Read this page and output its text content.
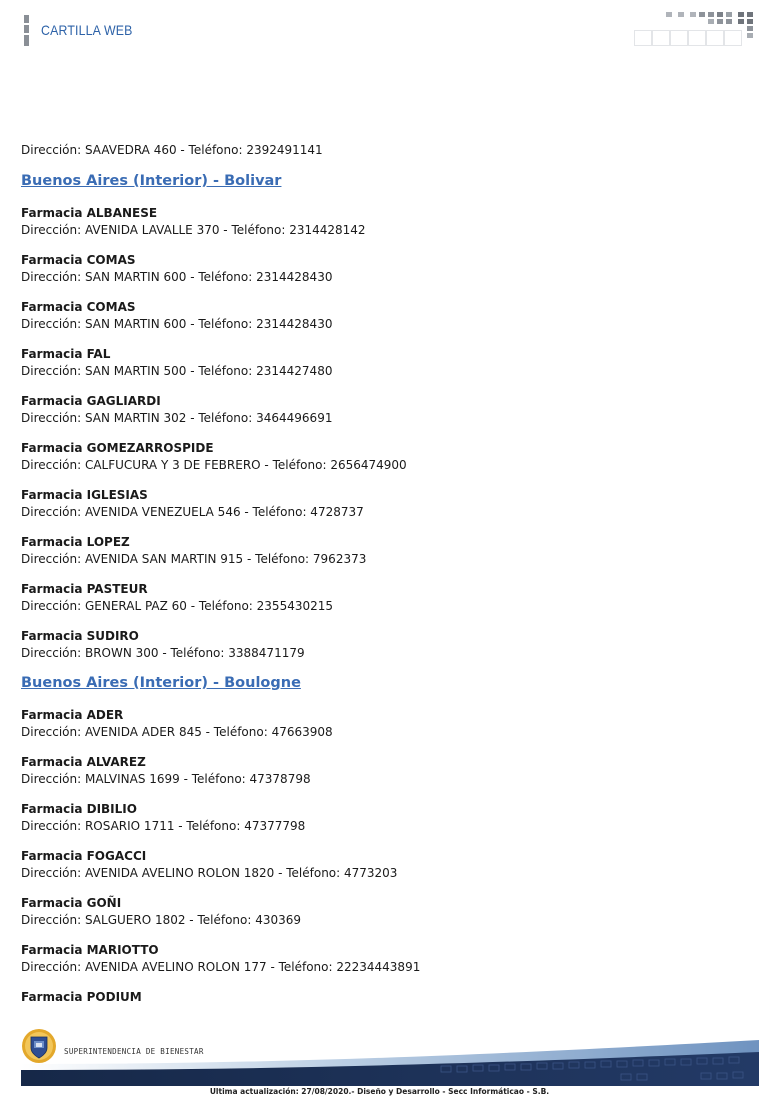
CARTILLA WEB

Dirección: SAAVEDRA 460 - Teléfono: 2392491141

Buenos Aires (Interior) - Bolivar

Farmacia ALBANESE

Dirección: AVENIDA LAVALLE 370 - Teléfono: 2314428142

Farmacia COMAS

Dirección: SAN MARTIN 600 - Teléfono: 2314428430

Farmacia COMAS

Dirección: SAN MARTIN 600 - Teléfono: 2314428430

Farmacia FAL

Dirección: SAN MARTIN 500 - Teléfono: 2314427480

Farmacia GAGLIARDI

Dirección: SAN MARTIN 302 - Teléfono: 3464496691

Farmacia GOMEZARROSPIDE

Dirección: CALFUCURA Y 3 DE FEBRERO - Teléfono: 2656474900

Farmacia IGLESIAS

Dirección: AVENIDA VENEZUELA 546 - Teléfono: 4728737

Farmacia LOPEZ

Dirección: AVENIDA SAN MARTIN 915 - Teléfono: 7962373

Farmacia PASTEUR

Dirección: GENERAL PAZ 60 - Teléfono: 2355430215

Farmacia SUDIRO

Dirección: BROWN 300 - Teléfono: 3388471179

Buenos Aires (Interior) - Boulogne

Farmacia ADER

Dirección: AVENIDA ADER 845 - Teléfono: 47663908

Farmacia ALVAREZ

Dirección: MALVINAS 1699 - Teléfono: 47378798

Farmacia DIBILIO

Dirección: ROSARIO 1711 - Teléfono: 47377798

Farmacia FOGACCI

Dirección: AVENIDA AVELINO ROLON 1820 - Teléfono: 4773203

Farmacia GOÑI

Dirección: SALGUERO 1802 - Teléfono: 430369

Farmacia MARIOTTO

Dirección: AVENIDA AVELINO ROLON 177 - Teléfono: 22234443891

Farmacia PODIUM

SUPERINTENDENCIA DE BIENESTAR
Ultima actualización: 27/08/2020.- Diseño y Desarrollo - Secc Informáticao - S.B.
